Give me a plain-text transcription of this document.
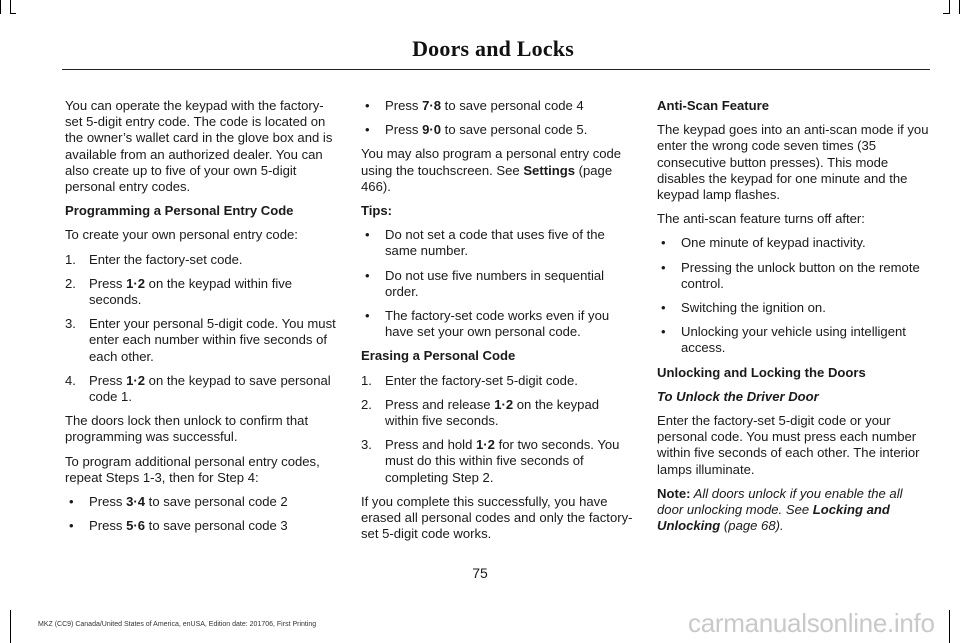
Doors and Locks

You can operate the keypad with the factory-set 5-digit entry code. The code is located on the owner’s wallet card in the glove box and is available from an authorized dealer. You can also create up to five of your own 5-digit personal entry codes.

Programming a Personal Entry Code

To create your own personal entry code:

1. Enter the factory-set code.
2. Press 1·2 on the keypad within five seconds.
3. Enter your personal 5-digit code. You must enter each number within five seconds of each other.
4. Press 1·2 on the keypad to save personal code 1.

The doors lock then unlock to confirm that programming was successful.

To program additional personal entry codes, repeat Steps 1-3, then for Step 4:

•	Press 3·4 to save personal code 2
•	Press 5·6 to save personal code 3
•	Press 7·8 to save personal code 4
•	Press 9·0 to save personal code 5.

You may also program a personal entry code using the touchscreen. See Settings (page 466).

Tips:

•	Do not set a code that uses five of the same number.
•	Do not use five numbers in sequential order.
•	The factory-set code works even if you have set your own personal code.

Erasing a Personal Code

1. Enter the factory-set 5-digit code.
2. Press and release 1·2 on the keypad within five seconds.
3. Press and hold 1·2 for two seconds. You must do this within five seconds of completing Step 2.

If you complete this successfully, you have erased all personal codes and only the factory-set 5-digit code works.

Anti-Scan Feature

The keypad goes into an anti-scan mode if you enter the wrong code seven times (35 consecutive button presses). This mode disables the keypad for one minute and the keypad lamp flashes.

The anti-scan feature turns off after:

•	One minute of keypad inactivity.
•	Pressing the unlock button on the remote control.
•	Switching the ignition on.
•	Unlocking your vehicle using intelligent access.

Unlocking and Locking the Doors

To Unlock the Driver Door

Enter the factory-set 5-digit code or your personal code. You must press each number within five seconds of each other. The interior lamps illuminate.

Note: All doors unlock if you enable the all door unlocking mode. See Locking and Unlocking (page 68).

75
MKZ (CC9) Canada/United States of America, enUSA, Edition date: 201706, First Printing	carmanualsonline.info
